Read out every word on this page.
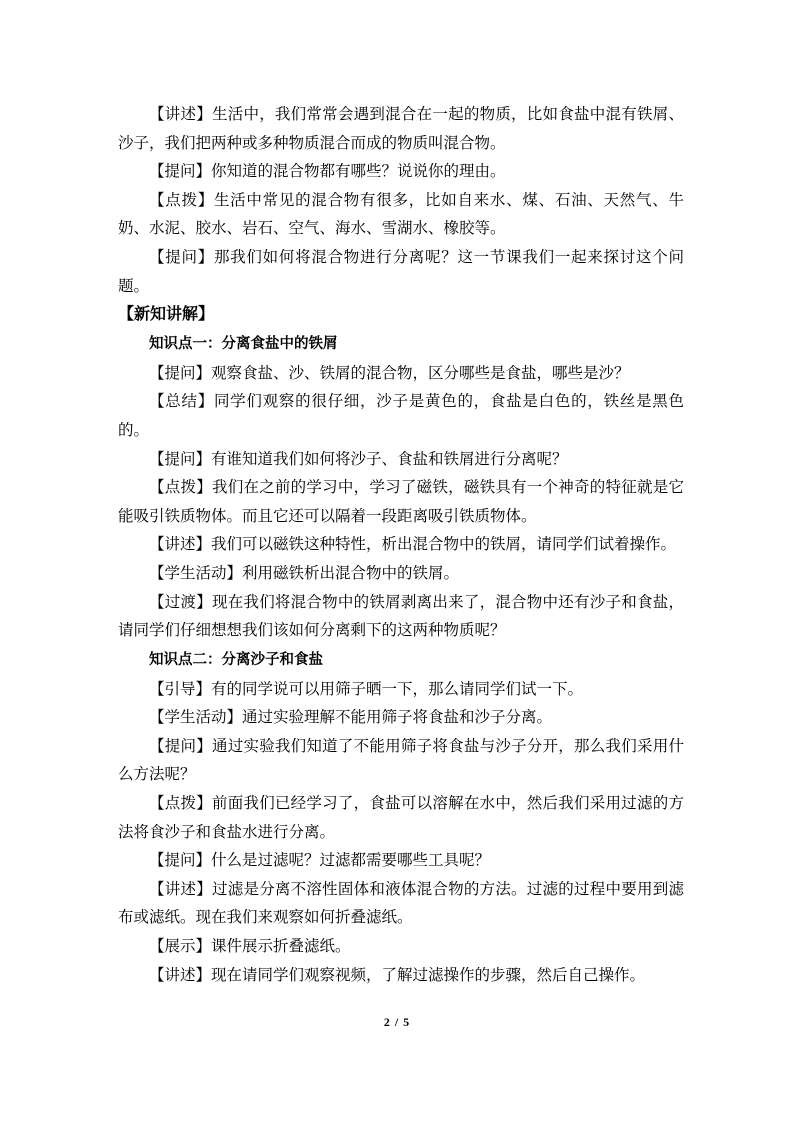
【讲述】生活中，我们常常会遇到混合在一起的物质，比如食盐中混有铁屑、沙子，我们把两种或多种物质混合而成的物质叫混合物。

【提问】你知道的混合物都有哪些？说说你的理由。

【点拨】生活中常见的混合物有很多，比如自来水、煤、石油、天然气、牛奶、水泥、胶水、岩石、空气、海水、雪湖水、橡胶等。

【提问】那我们如何将混合物进行分离呢？这一节课我们一起来探讨这个问题。

【新知讲解】

知识点一：分离食盐中的铁屑

【提问】观察食盐、沙、铁屑的混合物，区分哪些是食盐，哪些是沙？

【总结】同学们观察的很仔细，沙子是黄色的，食盐是白色的，铁丝是黑色的。

【提问】有谁知道我们如何将沙子、食盐和铁屑进行分离呢？

【点拨】我们在之前的学习中，学习了磁铁，磁铁具有一个神奇的特征就是它能吸引铁质物体。而且它还可以隔着一段距离吸引铁质物体。

【讲述】我们可以磁铁这种特性，析出混合物中的铁屑，请同学们试着操作。

【学生活动】利用磁铁析出混合物中的铁屑。

【过渡】现在我们将混合物中的铁屑剥离出来了，混合物中还有沙子和食盐，请同学们仔细想想我们该如何分离剩下的这两种物质呢？

知识点二：分离沙子和食盐

【引导】有的同学说可以用筛子晒一下，那么请同学们试一下。

【学生活动】通过实验理解不能用筛子将食盐和沙子分离。

【提问】通过实验我们知道了不能用筛子将食盐与沙子分开，那么我们采用什么方法呢？

【点拨】前面我们已经学习了，食盐可以溶解在水中，然后我们采用过滤的方法将食沙子和食盐水进行分离。

【提问】什么是过滤呢？过滤都需要哪些工具呢？

【讲述】过滤是分离不溶性固体和液体混合物的方法。过滤的过程中要用到滤布或滤纸。现在我们来观察如何折叠滤纸。

【展示】课件展示折叠滤纸。

【讲述】现在请同学们观察视频，了解过滤操作的步骤，然后自己操作。

2 / 5
